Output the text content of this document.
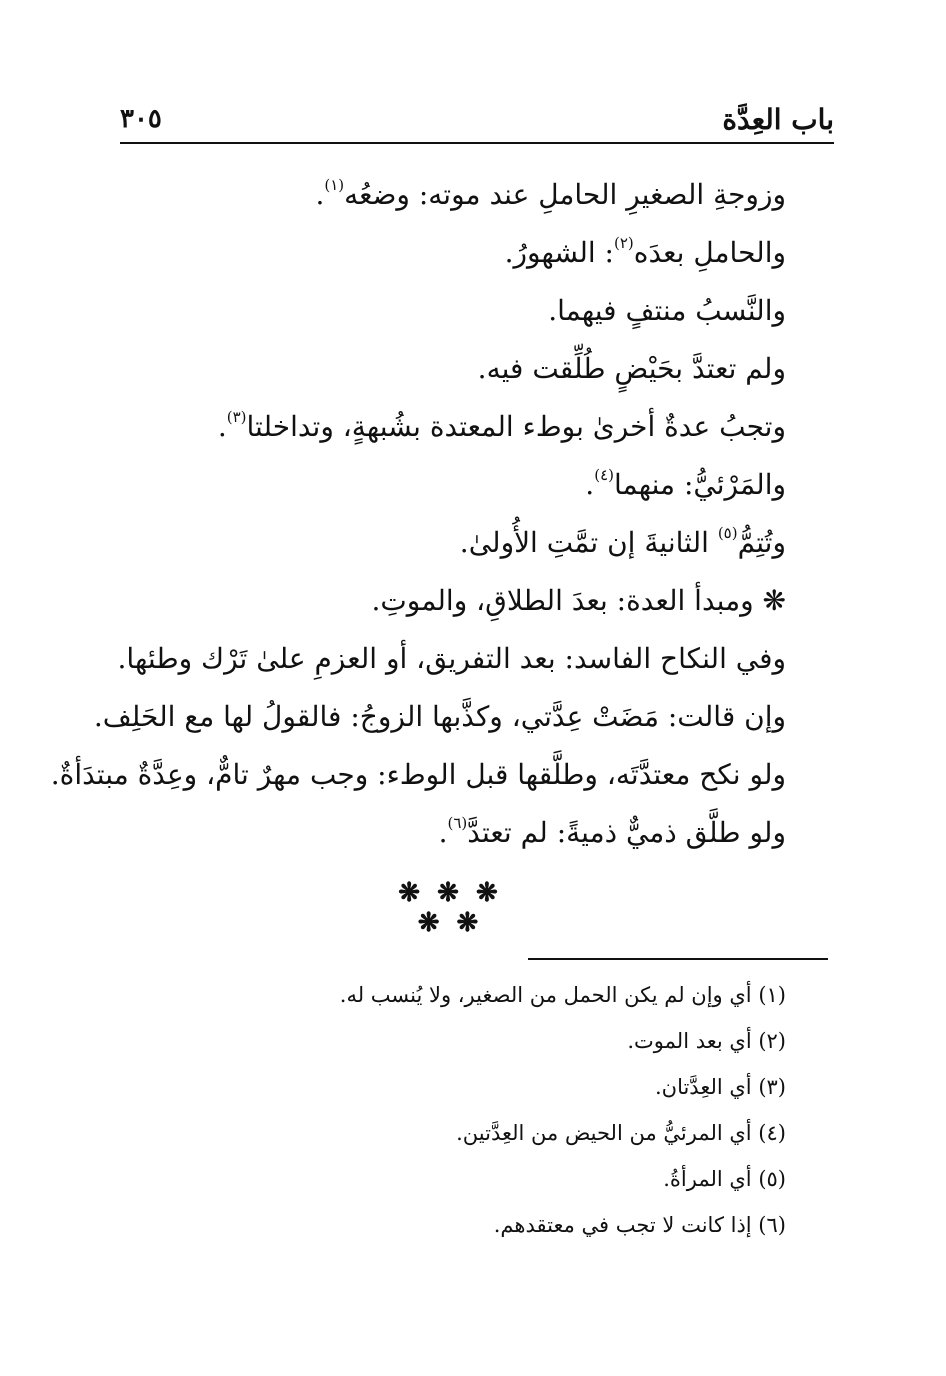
باب العِدَّة
٣٠٥
وزوجةِ الصغيرِ الحاملِ عند موته: وضعُه$^{(١)}$.
والحاملِ بعدَه$^{(٢)}$: الشهورُ.
والنَّسبُ منتفٍ فيهما.
ولم تعتدَّ بحَيْضٍ طُلِّقت فيه.
وتجبُ عدةٌ أخرىٰ بوطء المعتدة بشُبهةٍ، وتداخلتا$^{(٣)}$.
والمَرْئيُّ: منهما$^{(٤)}$.
وتُتِمُّ$^{(٥)}$ الثانيةَ إن تمَّتِ الأُولىٰ.
❋ ومبدأ العدة: بعدَ الطلاقِ، والموتِ.
وفي النكاح الفاسد: بعد التفريق، أو العزمِ علىٰ تَرْك وطئها.
وإن قالت: مَضَتْ عِدَّتي، وكذَّبها الزوجُ: فالقولُ لها مع الحَلِف.
ولو نكح معتدَّتَه، وطلَّقها قبل الوطء: وجب مهرٌ تامٌّ، وعِدَّةٌ مبتدَأةٌ.
ولو طلَّق ذميٌّ ذميةً: لم تعتدَّ$^{(٦)}$.
❋ ❋ ❋ ❋ ❋
(١) أي وإن لم يكن الحمل من الصغير، ولا يُنسب له.
(٢) أي بعد الموت.
(٣) أي العِدَّتان.
(٤) أي المرئيُّ من الحيض من العِدَّتين.
(٥) أي المرأةُ.
(٦) إذا كانت لا تجب في معتقدهم.
